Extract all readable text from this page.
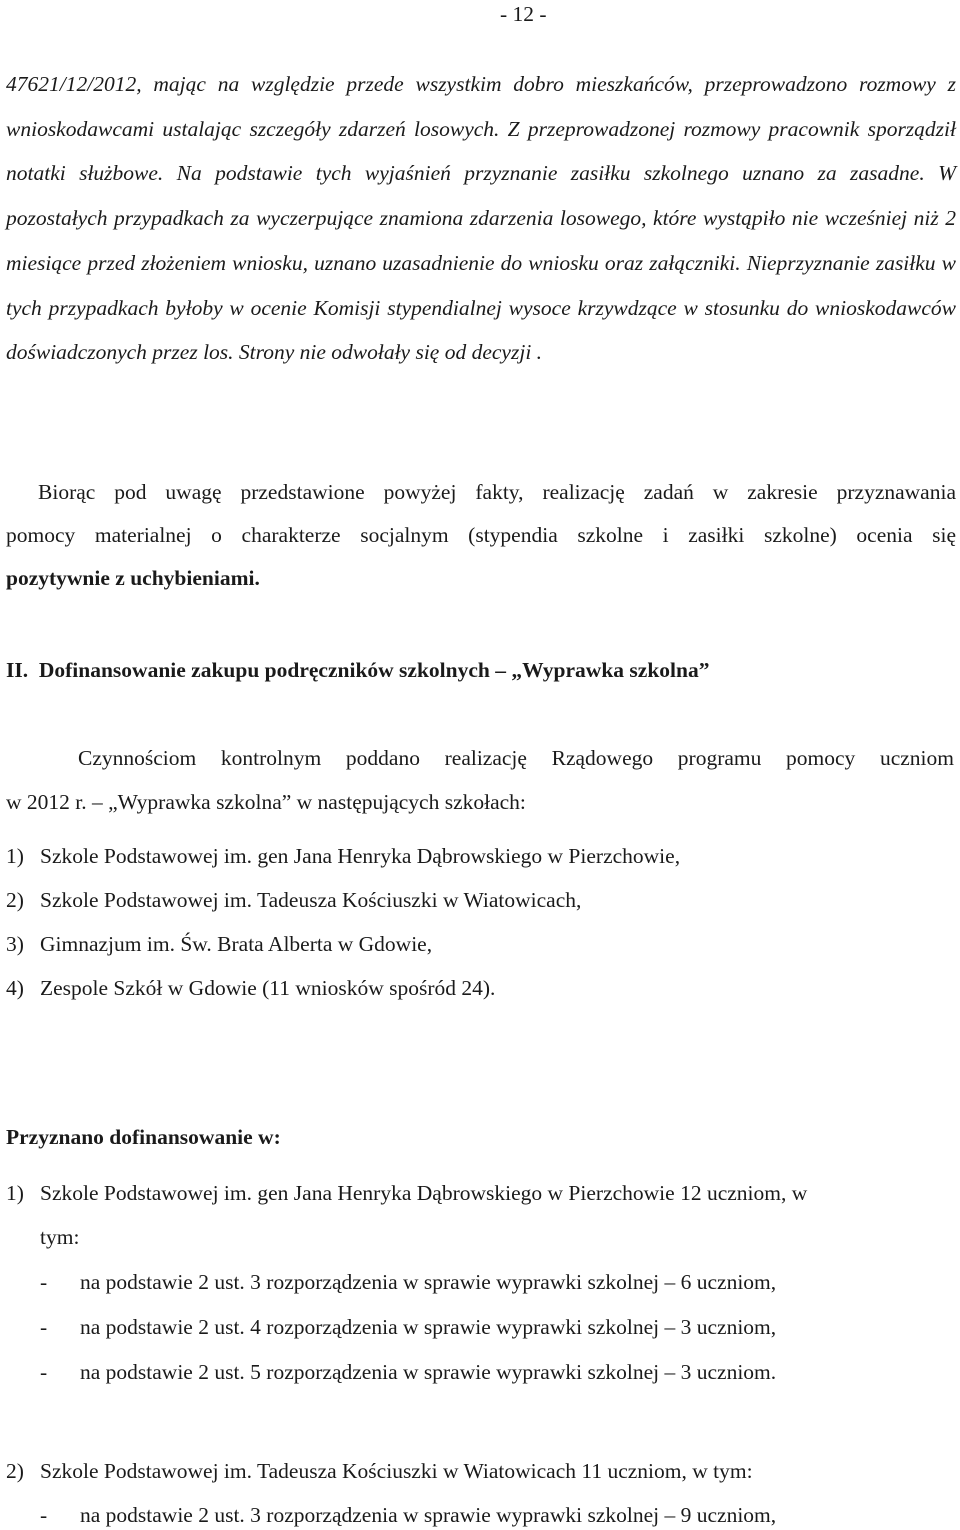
- 12 -
47621/12/2012, mając na względzie przede wszystkim dobro mieszkańców, przeprowadzono rozmowy z wnioskodawcami ustalając szczegóły zdarzeń losowych. Z przeprowadzonej rozmowy pracownik sporządził notatki służbowe. Na podstawie tych wyjaśnień przyznanie zasiłku szkolnego uznano za zasadne. W pozostałych przypadkach za wyczerpujące znamiona zdarzenia losowego, które wystąpiło nie wcześniej niż 2 miesiące przed złożeniem wniosku, uznano uzasadnienie do wniosku oraz załączniki. Nieprzyznanie zasiłku w tych przypadkach byłoby w ocenie Komisji stypendialnej wysoce krzywdzące w stosunku do wnioskodawców doświadczonych przez los. Strony nie odwołały się od decyzji .
Biorąc pod uwagę przedstawione powyżej fakty, realizację zadań w zakresie przyznawania
pomocy materialnej o charakterze socjalnym (stypendia szkolne i zasiłki szkolne) ocenia się
pozytywnie z uchybieniami.
II. Dofinansowanie zakupu podręczników szkolnych – „Wyprawka szkolna”
Czynnościom kontrolnym poddano realizację Rządowego programu pomocy uczniom
w 2012 r. – „Wyprawka szkolna” w następujących szkołach:
1) Szkole Podstawowej im. gen Jana Henryka Dąbrowskiego w Pierzchowie,
2) Szkole Podstawowej im. Tadeusza Kościuszki w Wiatowicach,
3) Gimnazjum im. Św. Brata Alberta w Gdowie,
4) Zespole Szkół w Gdowie (11 wniosków spośród 24).
Przyznano dofinansowanie w:
1) Szkole Podstawowej im. gen Jana Henryka Dąbrowskiego w Pierzchowie 12 uczniom, w
tym:
- na podstawie 2 ust. 3 rozporządzenia w sprawie wyprawki szkolnej – 6 uczniom,
- na podstawie 2 ust. 4 rozporządzenia w sprawie wyprawki szkolnej – 3 uczniom,
- na podstawie 2 ust. 5 rozporządzenia w sprawie wyprawki szkolnej – 3 uczniom.
2) Szkole Podstawowej im. Tadeusza Kościuszki w Wiatowicach 11 uczniom, w tym:
- na podstawie 2 ust. 3 rozporządzenia w sprawie wyprawki szkolnej – 9 uczniom,
